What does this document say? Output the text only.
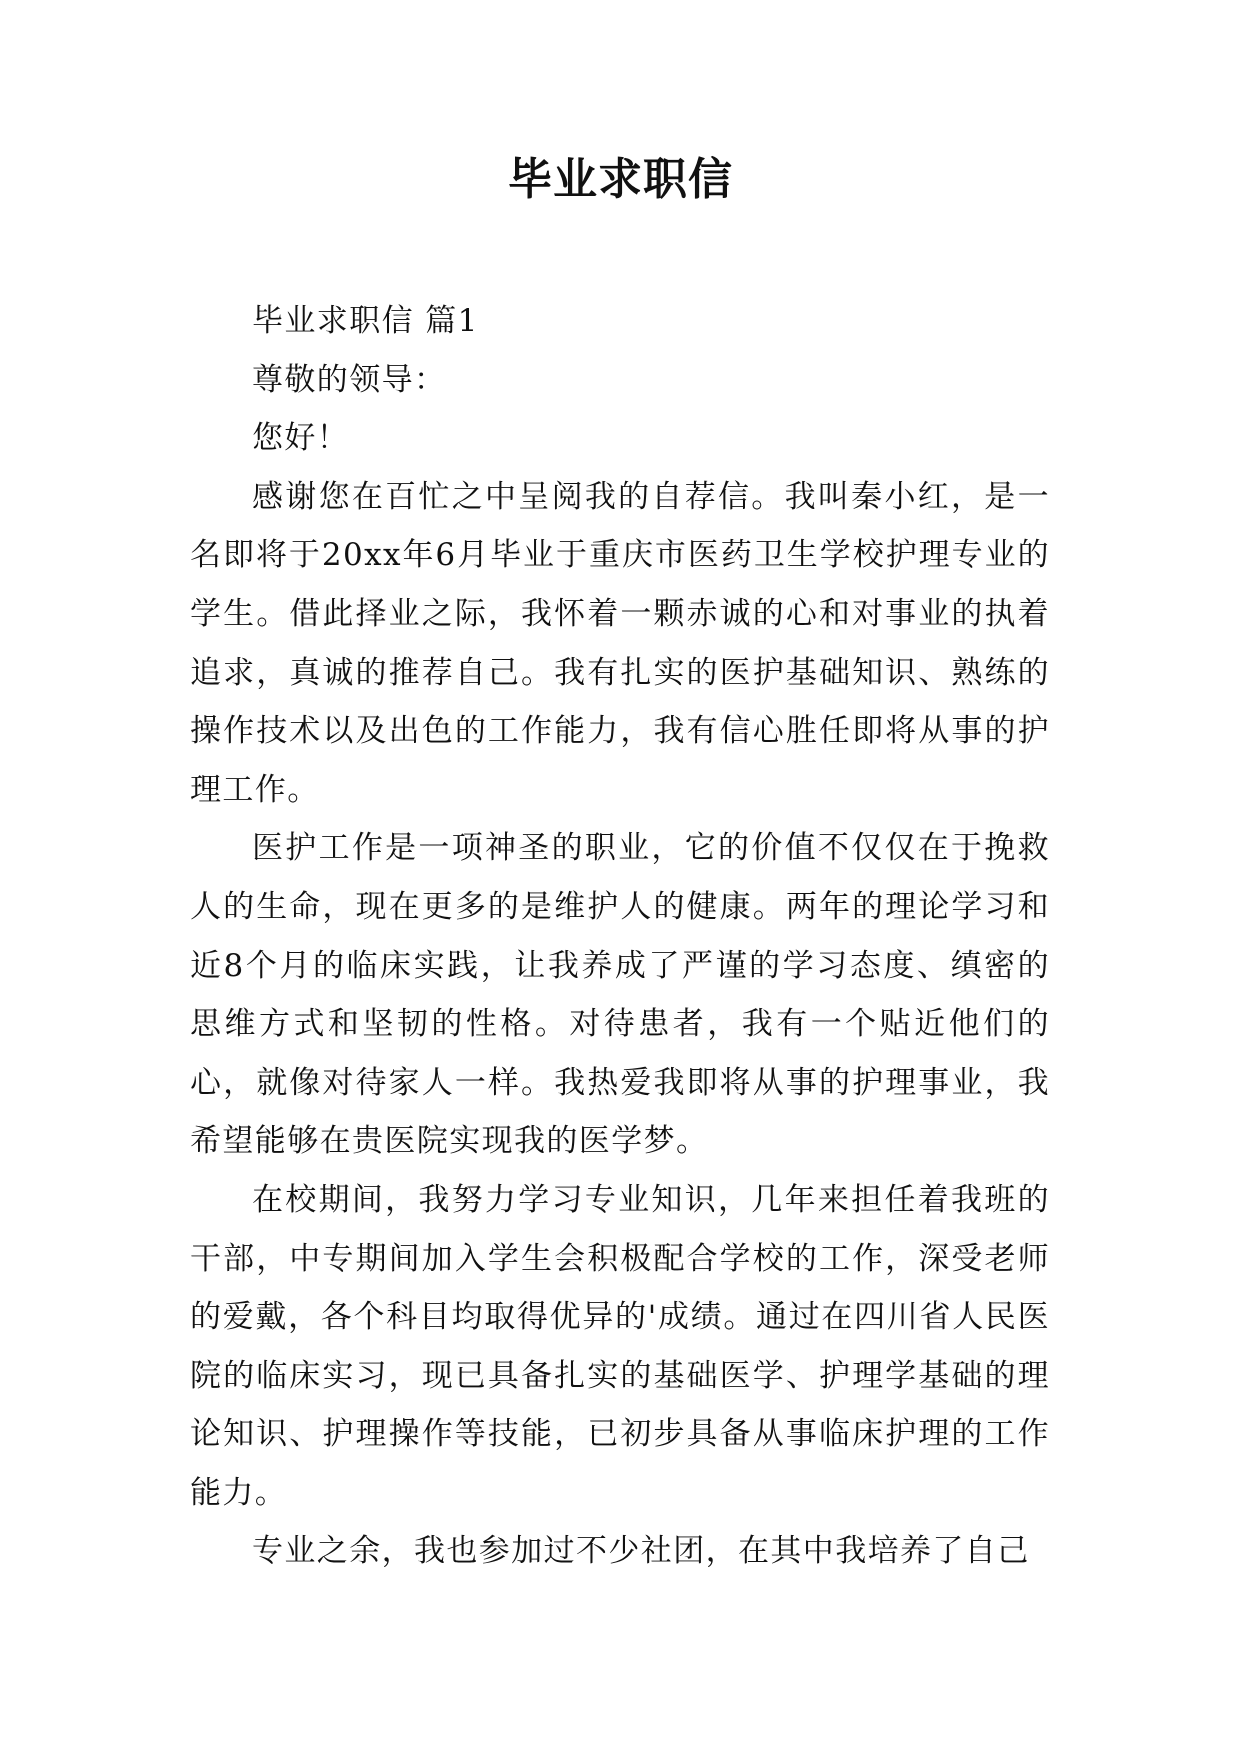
毕业求职信

毕业求职信 篇1

尊敬的领导：

您好！

感谢您在百忙之中呈阅我的自荐信。我叫秦小红，是一名即将于20xx年6月毕业于重庆市医药卫生学校护理专业的学生。借此择业之际，我怀着一颗赤诚的心和对事业的执着追求，真诚的推荐自己。我有扎实的医护基础知识、熟练的操作技术以及出色的工作能力，我有信心胜任即将从事的护理工作。

医护工作是一项神圣的职业，它的价值不仅仅在于挽救人的生命，现在更多的是维护人的健康。两年的理论学习和近8个月的临床实践，让我养成了严谨的学习态度、缜密的思维方式和坚韧的性格。对待患者，我有一个贴近他们的心，就像对待家人一样。我热爱我即将从事的护理事业，我希望能够在贵医院实现我的医学梦。

在校期间，我努力学习专业知识，几年来担任着我班的干部，中专期间加入学生会积极配合学校的工作，深受老师的爱戴，各个科目均取得优异的'成绩。通过在四川省人民医院的临床实习，现已具备扎实的基础医学、护理学基础的理论知识、护理操作等技能，已初步具备从事临床护理的工作能力。

专业之余，我也参加过不少社团，在其中我培养了自己
